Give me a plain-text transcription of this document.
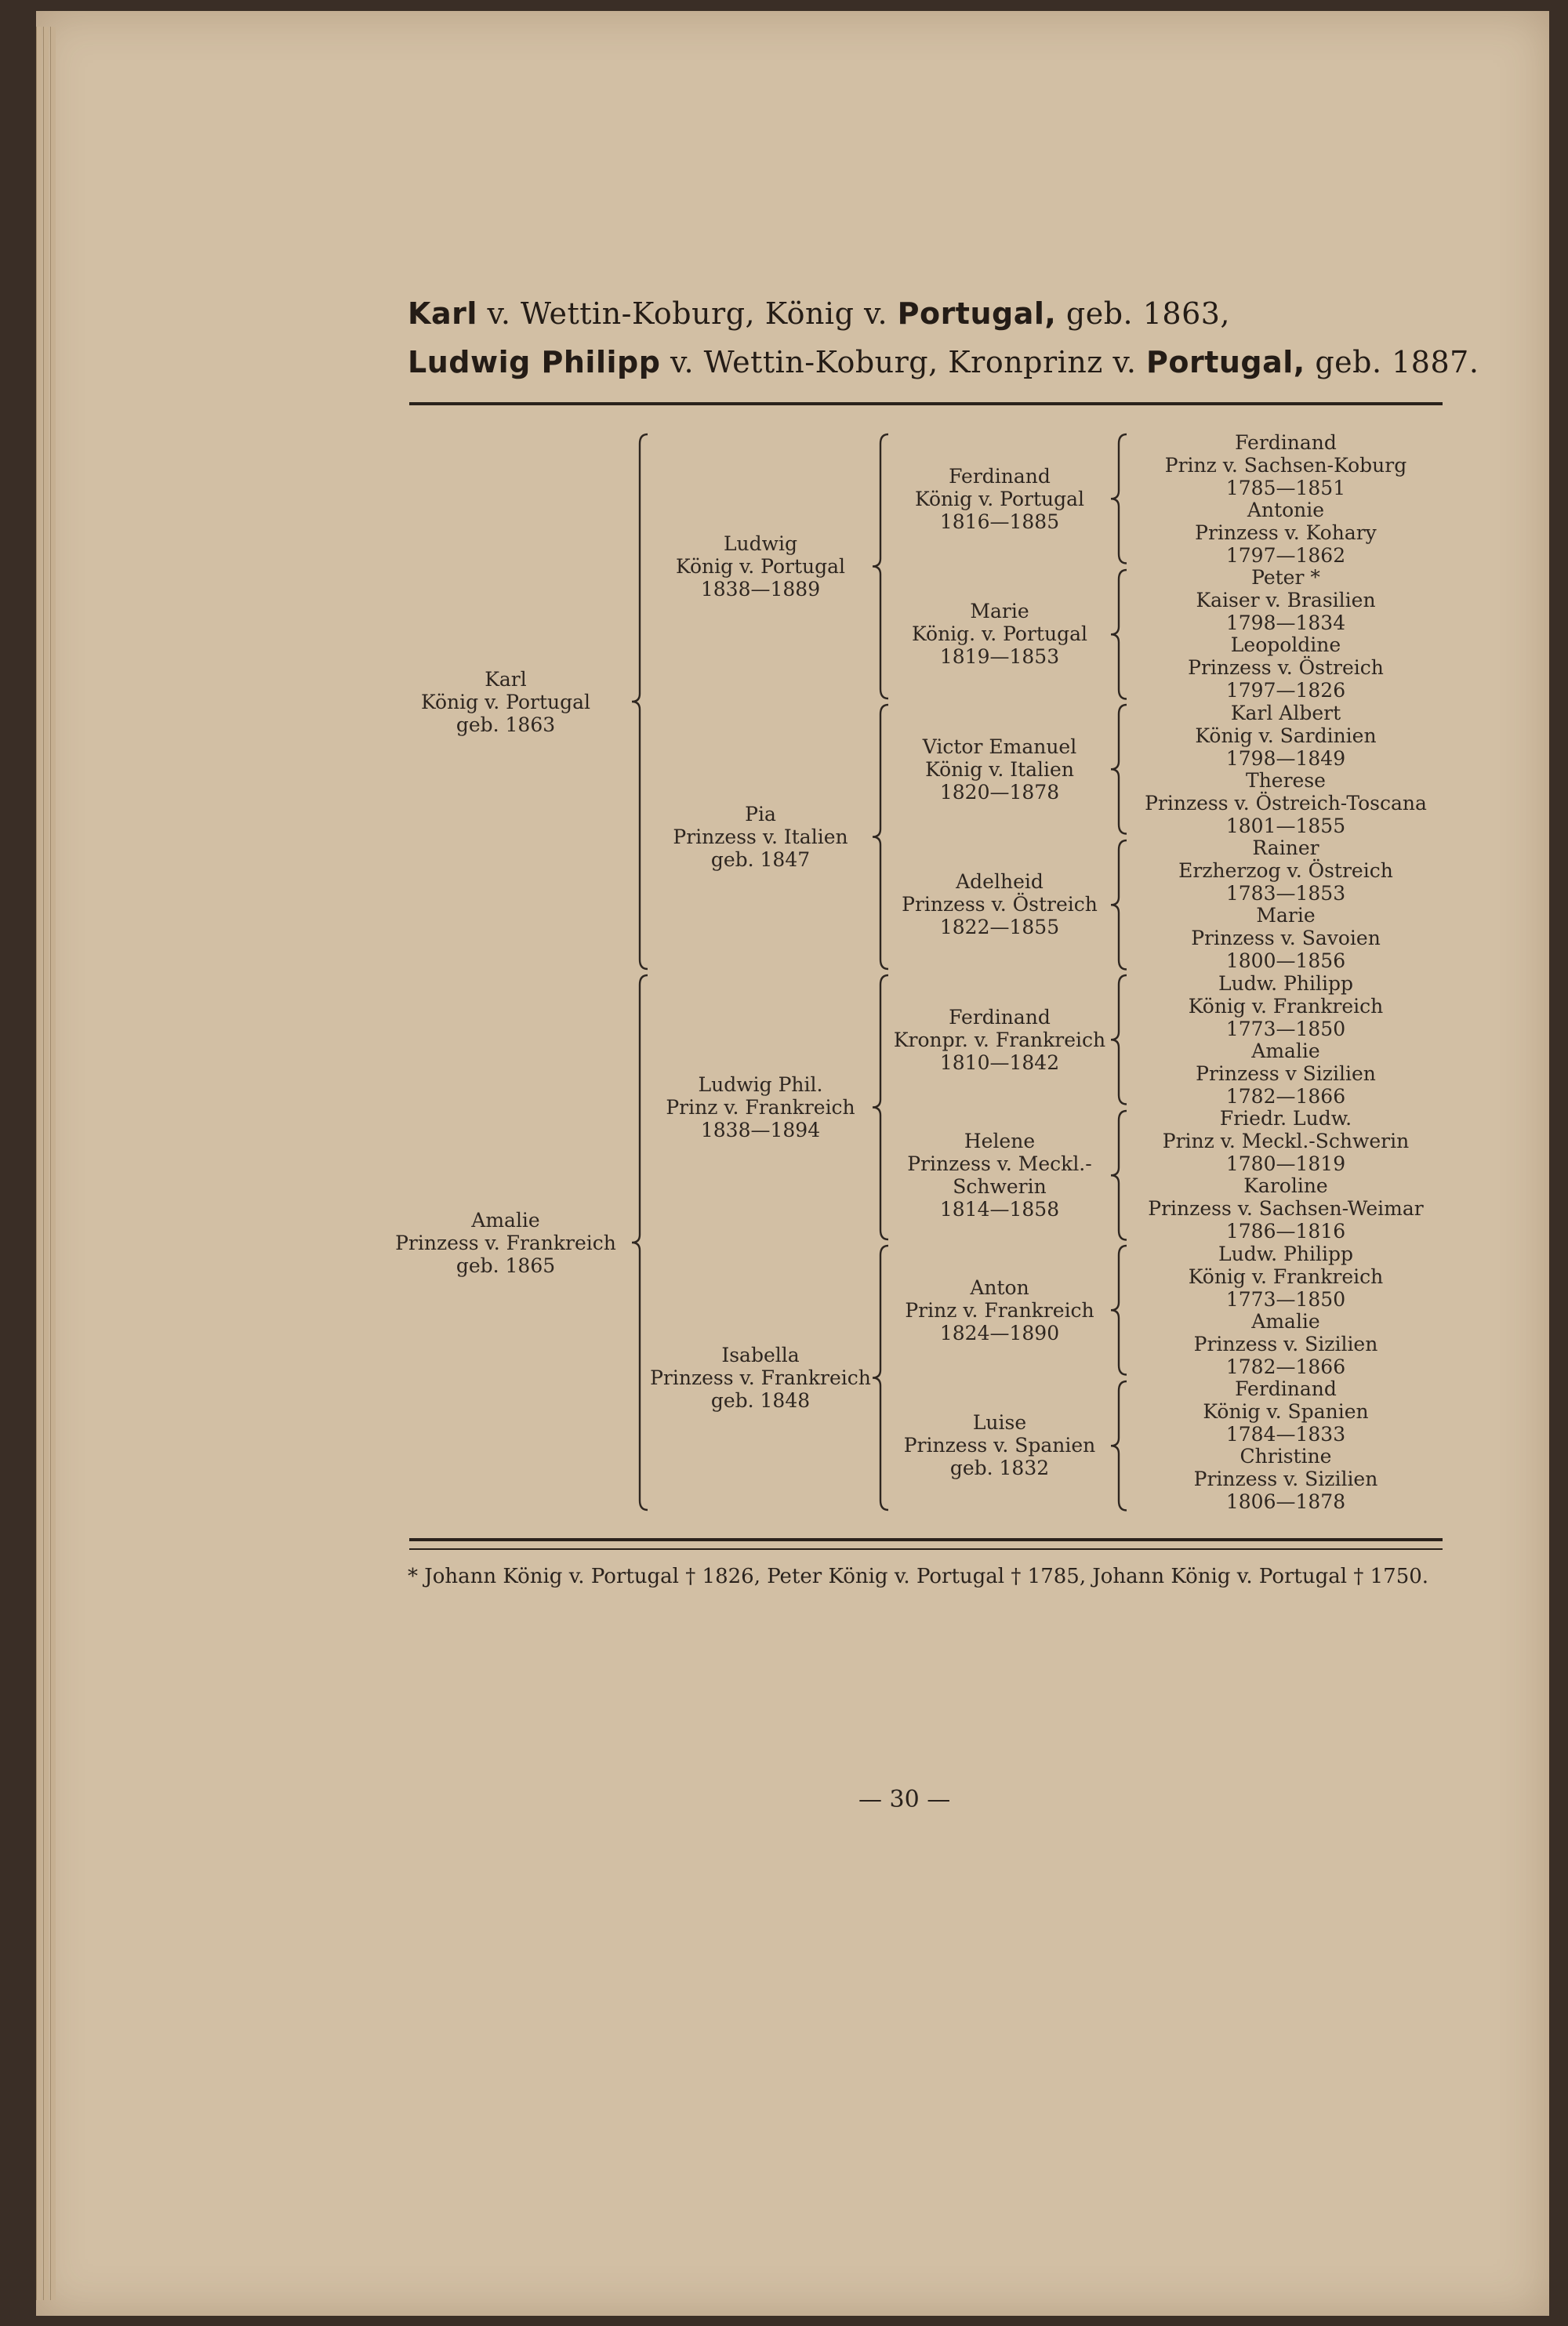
Karl v. Wettin-Koburg, König v. Portugal, geb. 1863,
Ludwig Philipp v. Wettin-Koburg, Kronprinz v. Portugal, geb. 1887.
Karl
König v. Portugal
geb. 1863
Amalie
Prinzess v. Frankreich
geb. 1865
Ludwig
König v. Portugal
1838—1889
Pia
Prinzess v. Italien
geb. 1847
Ludwig Phil.
Prinz v. Frankreich
1838—1894
Isabella
Prinzess v. Frankreich
geb. 1848
Ferdinand
König v. Portugal
1816—1885
Marie
König. v. Portugal
1819—1853
Victor Emanuel
König v. Italien
1820—1878
Adelheid
Prinzess v. Östreich
1822—1855
Ferdinand
Kronpr. v. Frankreich
1810—1842
Helene
Prinzess v. Meckl.-
Schwerin
1814—1858
Anton
Prinz v. Frankreich
1824—1890
Luise
Prinzess v. Spanien
geb. 1832
Ferdinand
Prinz v. Sachsen-Koburg
1785—1851
Antonie
Prinzess v. Kohary
1797—1862
Peter *
Kaiser v. Brasilien
1798—1834
Leopoldine
Prinzess v. Östreich
1797—1826
Karl Albert
König v. Sardinien
1798—1849
Therese
Prinzess v. Östreich-Toscana
1801—1855
Rainer
Erzherzog v. Östreich
1783—1853
Marie
Prinzess v. Savoien
1800—1856
Ludw. Philipp
König v. Frankreich
1773—1850
Amalie
Prinzess v Sizilien
1782—1866
Friedr. Ludw.
Prinz v. Meckl.-Schwerin
1780—1819
Karoline
Prinzess v. Sachsen-Weimar
1786—1816
Ludw. Philipp
König v. Frankreich
1773—1850
Amalie
Prinzess v. Sizilien
1782—1866
Ferdinand
König v. Spanien
1784—1833
Christine
Prinzess v. Sizilien
1806—1878
* Johann König v. Portugal † 1826, Peter König v. Portugal † 1785, Johann König v. Portugal † 1750.
— 30 —
